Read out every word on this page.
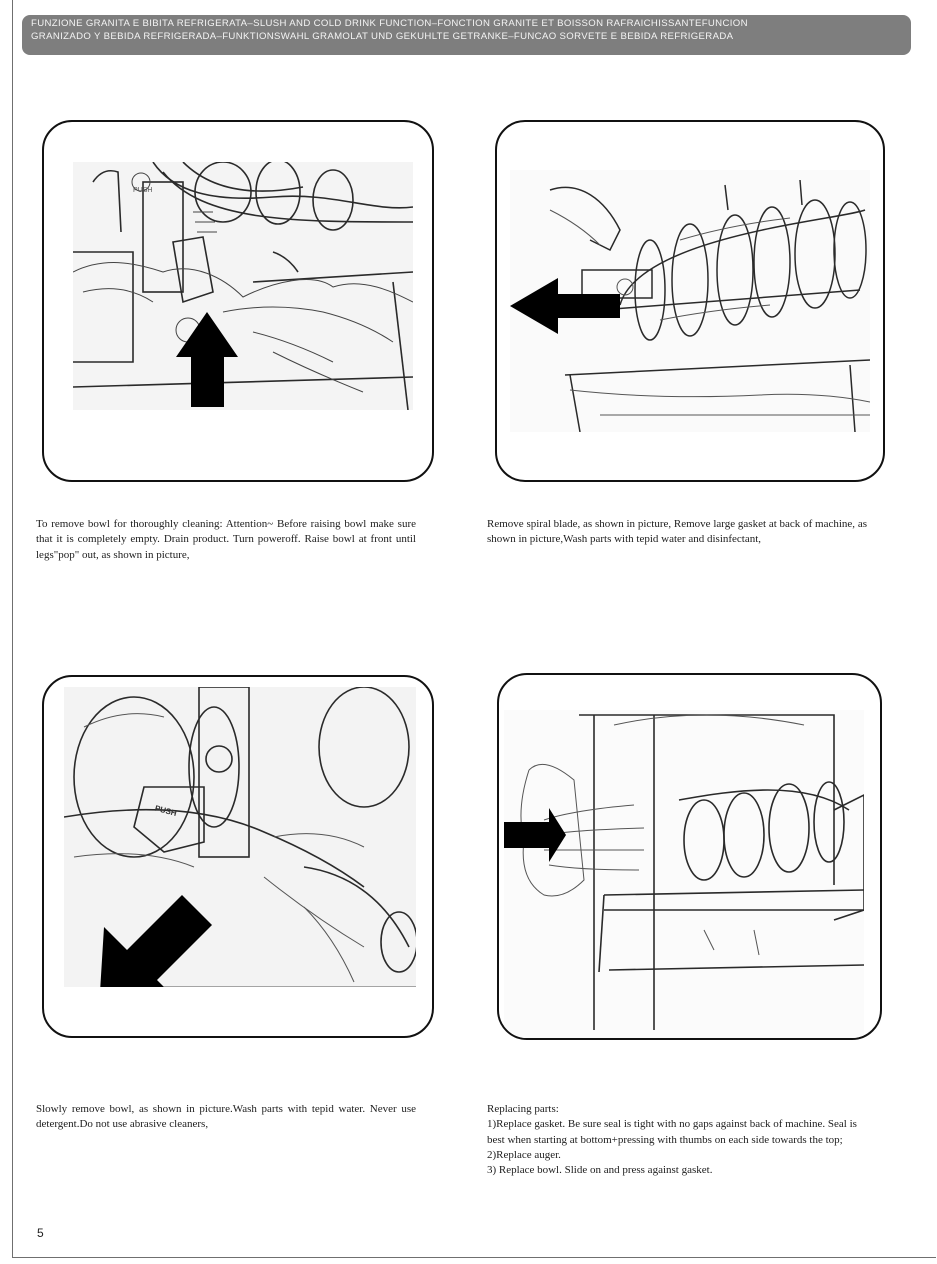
FUNZIONE GRANITA E BIBITA REFRIGERATA–SLUSH AND COLD DRINK FUNCTION–FONCTION GRANITE ET BOISSON RAFRAICHISSANTEFUNCION
GRANIZADO Y BEBIDA REFRIGERADA–FUNKTIONSWAHL GRAMOLAT UND GEKUHLTE GETRANKE–FUNCAO SORVETE E BEBIDA REFRIGERADA
PUSH
PUSH

To remove bowl for thoroughly cleaning: Attention~ Before raising bowl make sure that it is completely empty. Drain product. Turn poweroff. Raise bowl at front until legs"pop" out, as shown in picture,

Remove spiral blade, as shown in picture, Remove large gasket at back of machine, as shown in picture,Wash parts with tepid water and disinfectant,

Slowly remove bowl, as shown in picture.Wash parts with tepid water. Never use detergent.Do not use abrasive cleaners,

Replacing parts:

1)Replace gasket. Be sure seal is tight with no gaps against back of machine. Seal is best when starting at bottom+pressing with thumbs on each side towards the top;

2)Replace auger.

3) Replace bowl. Slide on and press against gasket.

5
